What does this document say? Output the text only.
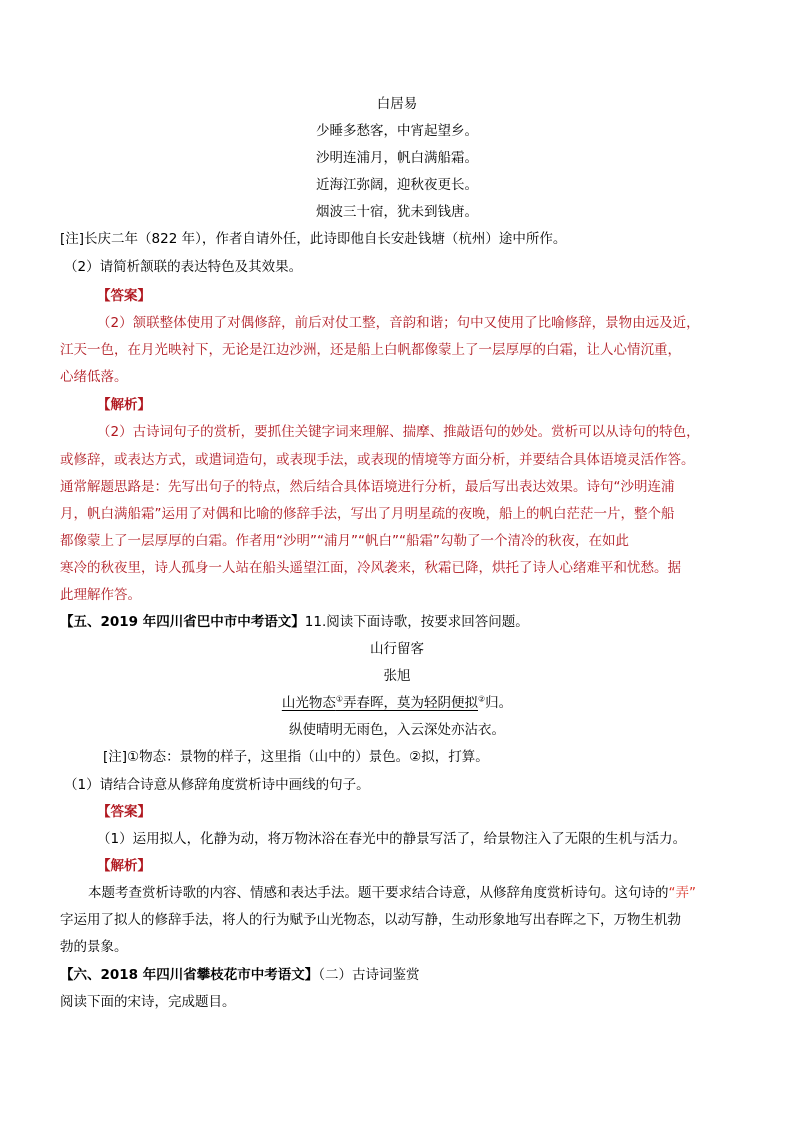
白居易
少睡多愁客，中宵起望乡。
沙明连浦月，帆白满船霜。
近海江弥阔，迎秋夜更长。
烟波三十宿，犹未到钱唐。
[注]长庆二年（822 年），作者自请外任，此诗即他自长安赴钱塘（杭州）途中所作。
（2）请简析颔联的表达特色及其效果。
【答案】
（2）颔联整体使用了对偶修辞，前后对仗工整，音韵和谐；句中又使用了比喻修辞，景物由远及近，
江天一色，在月光映衬下，无论是江边沙洲，还是船上白帆都像蒙上了一层厚厚的白霜，让人心情沉重，
心绪低落。
【解析】
（2）古诗词句子的赏析，要抓住关键字词来理解、揣摩、推敲语句的妙处。赏析可以从诗句的特色，
或修辞，或表达方式，或遣词造句，或表现手法，或表现的情境等方面分析，并要结合具体语境灵活作答。
通常解题思路是：先写出句子的特点，然后结合具体语境进行分析，最后写出表达效果。诗句“沙明连浦
月，帆白满船霜”运用了对偶和比喻的修辞手法，写出了月明星疏的夜晚，船上的帆白茫茫一片，整个船
都像蒙上了一层厚厚的白霜。作者用“沙明”“浦月”“帆白”“船霜”勾勒了一个清冷的秋夜，在如此
寒冷的秋夜里，诗人孤身一人站在船头遥望江面，冷风袭来，秋霜已降，烘托了诗人心绪难平和忧愁。据
此理解作答。
【五、2019 年四川省巴中市中考语文】11.阅读下面诗歌，按要求回答问题。
山行留客
张旭
山光物态①弄春晖，莫为轻阴便拟②归。
纵使晴明无雨色，入云深处亦沾衣。
[注]①物态：景物的样子，这里指（山中的）景色。②拟，打算。
（1）请结合诗意从修辞角度赏析诗中画线的句子。
【答案】
（1）运用拟人，化静为动，将万物沐浴在春光中的静景写活了，给景物注入了无限的生机与活力。
【解析】
本题考查赏析诗歌的内容、情感和表达手法。题干要求结合诗意，从修辞角度赏析诗句。这句诗的“弄”
字运用了拟人的修辞手法，将人的行为赋予山光物态，以动写静，生动形象地写出春晖之下，万物生机勃
勃的景象。
【六、2018 年四川省攀枝花市中考语文】（二）古诗词鉴赏
阅读下面的宋诗，完成题目。
